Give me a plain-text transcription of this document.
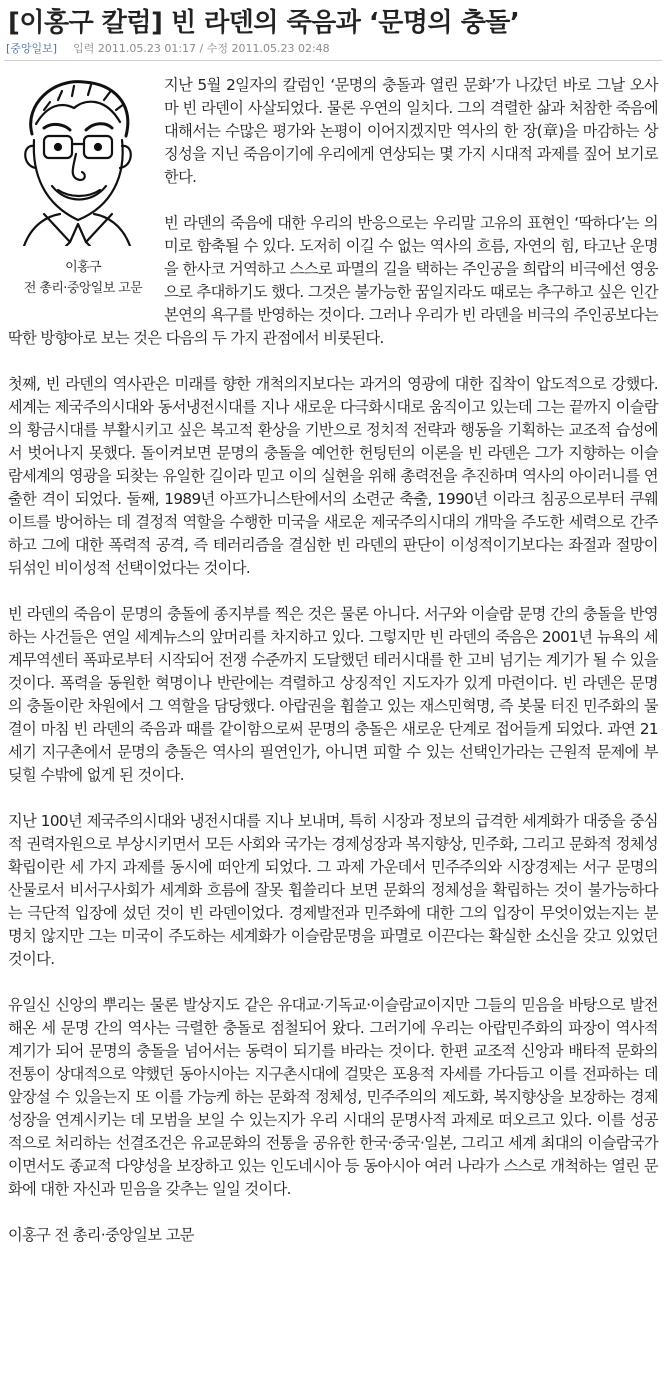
[이홍구 칼럼] 빈 라덴의 죽음과 ‘문명의 충돌’
[중앙일보] 입력 2011.05.23 01:17 / 수정 2011.05.23 02:48
이홍구
전 총리·중앙일보 고문

지난 5월 2일자의 칼럼인 ‘문명의 충돌과 열린 문화’가 나갔던 바로 그날 오사마 빈 라덴이 사살되었다. 물론 우연의 일치다. 그의 격렬한 삶과 처참한 죽음에 대해서는 수많은 평가와 논평이 이어지겠지만 역사의 한 장(章)을 마감하는 상징성을 지닌 죽음이기에 우리에게 연상되는 몇 가지 시대적 과제를 짚어 보기로 한다.

빈 라덴의 죽음에 대한 우리의 반응으로는 우리말 고유의 표현인 ‘딱하다’는 의미로 함축될 수 있다. 도저히 이길 수 없는 역사의 흐름, 자연의 힘, 타고난 운명을 한사코 거역하고 스스로 파멸의 길을 택하는 주인공을 희랍의 비극에선 영웅으로 추대하기도 했다. 그것은 불가능한 꿈일지라도 때로는 추구하고 싶은 인간 본연의 욕구를 반영하는 것이다. 그러나 우리가 빈 라덴을 비극의 주인공보다는 딱한 방향아로 보는 것은 다음의 두 가지 관점에서 비롯된다.

첫째, 빈 라덴의 역사관은 미래를 향한 개척의지보다는 과거의 영광에 대한 집착이 압도적으로 강했다. 세계는 제국주의시대와 동서냉전시대를 지나 새로운 다극화시대로 움직이고 있는데 그는 끝까지 이슬람의 황금시대를 부활시키고 싶은 복고적 환상을 기반으로 정치적 전략과 행동을 기획하는 교조적 습성에서 벗어나지 못했다. 돌이켜보면 문명의 충돌을 예언한 헌팅턴의 이론을 빈 라덴은 그가 지향하는 이슬람세계의 영광을 되찾는 유일한 길이라 믿고 이의 실현을 위해 총력전을 추진하며 역사의 아이러니를 연출한 격이 되었다. 둘째, 1989년 아프가니스탄에서의 소련군 축출, 1990년 이라크 침공으로부터 쿠웨이트를 방어하는 데 결정적 역할을 수행한 미국을 새로운 제국주의시대의 개막을 주도한 세력으로 간주하고 그에 대한 폭력적 공격, 즉 테러리즘을 결심한 빈 라덴의 판단이 이성적이기보다는 좌절과 절망이 뒤섞인 비이성적 선택이었다는 것이다.

빈 라덴의 죽음이 문명의 충돌에 종지부를 찍은 것은 물론 아니다. 서구와 이슬람 문명 간의 충돌을 반영하는 사건들은 연일 세계뉴스의 앞머리를 차지하고 있다. 그렇지만 빈 라덴의 죽음은 2001년 뉴욕의 세계무역센터 폭파로부터 시작되어 전쟁 수준까지 도달했던 테러시대를 한 고비 넘기는 계기가 될 수 있을 것이다. 폭력을 동원한 혁명이나 반란에는 격렬하고 상징적인 지도자가 있게 마련이다. 빈 라덴은 문명의 충돌이란 차원에서 그 역할을 담당했다. 아랍권을 휩쓸고 있는 재스민혁명, 즉 봇물 터진 민주화의 물결이 마침 빈 라덴의 죽음과 때를 같이함으로써 문명의 충돌은 새로운 단계로 접어들게 되었다. 과연 21세기 지구촌에서 문명의 충돌은 역사의 필연인가, 아니면 피할 수 있는 선택인가라는 근원적 문제에 부딪힐 수밖에 없게 된 것이다.

지난 100년 제국주의시대와 냉전시대를 지나 보내며, 특히 시장과 정보의 급격한 세계화가 대중을 중심적 권력자원으로 부상시키면서 모든 사회와 국가는 경제성장과 복지향상, 민주화, 그리고 문화적 정체성 확립이란 세 가지 과제를 동시에 떠안게 되었다. 그 과제 가운데서 민주주의와 시장경제는 서구 문명의 산물로서 비서구사회가 세계화 흐름에 잘못 휩쓸리다 보면 문화의 정체성을 확립하는 것이 불가능하다는 극단적 입장에 섰던 것이 빈 라덴이었다. 경제발전과 민주화에 대한 그의 입장이 무엇이었는지는 분명치 않지만 그는 미국이 주도하는 세계화가 이슬람문명을 파멸로 이끈다는 확실한 소신을 갖고 있었던 것이다.

유일신 신앙의 뿌리는 물론 발상지도 같은 유대교·기독교·이슬람교이지만 그들의 믿음을 바탕으로 발전해온 세 문명 간의 역사는 극렬한 충돌로 점철되어 왔다. 그러기에 우리는 아랍민주화의 파장이 역사적 계기가 되어 문명의 충돌을 넘어서는 동력이 되기를 바라는 것이다. 한편 교조적 신앙과 배타적 문화의 전통이 상대적으로 약했던 동아시아는 지구촌시대에 걸맞은 포용적 자세를 가다듬고 이를 전파하는 데 앞장설 수 있을는지 또 이를 가능케 하는 문화적 정체성, 민주주의의 제도화, 복지향상을 보장하는 경제성장을 연계시키는 데 모범을 보일 수 있는지가 우리 시대의 문명사적 과제로 떠오르고 있다. 이를 성공적으로 처리하는 선결조건은 유교문화의 전통을 공유한 한국·중국·일본, 그리고 세계 최대의 이슬람국가이면서도 종교적 다양성을 보장하고 있는 인도네시아 등 동아시아 여러 나라가 스스로 개척하는 열린 문화에 대한 자신과 믿음을 갖추는 일일 것이다.

이홍구 전 총리·중앙일보 고문
